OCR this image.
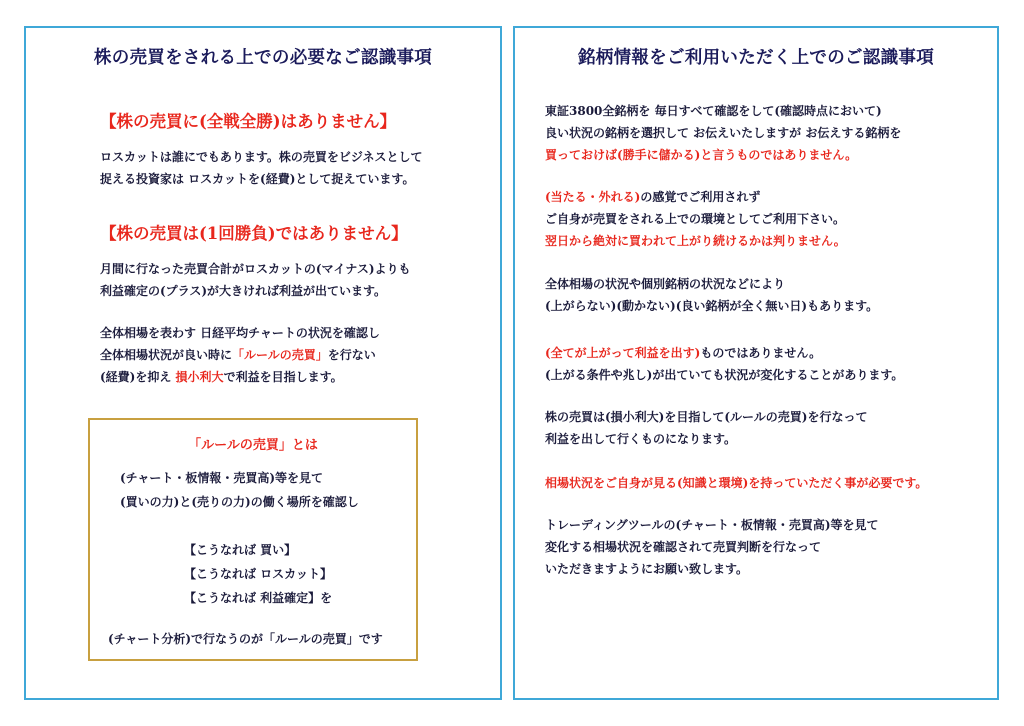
株の売買をされる上での必要なご認識事項
【株の売買に(全戦全勝)はありません】
ロスカットは誰にでもあります。株の売買をビジネスとして
捉える投資家は ロスカットを(経費)として捉えています。
【株の売買は(1回勝負)ではありません】
月間に行なった売買合計がロスカットの(マイナス)よりも
利益確定の(プラス)が大きければ利益が出ています。
全体相場を表わす 日経平均チャートの状況を確認し
全体相場状況が良い時に「ルールの売買」を行ない
(経費)を抑え 損小利大で利益を目指します。
「ルールの売買」とは
(チャート・板情報・売買高)等を見て
(買いの力)と(売りの力)の働く場所を確認し
【こうなれば 買い】
【こうなれば ロスカット】
【こうなれば 利益確定】を
(チャート分析)で行なうのが「ルールの売買」です
銘柄情報をご利用いただく上でのご認識事項
東証3800全銘柄を 毎日すべて確認をして(確認時点において)
良い状況の銘柄を選択して お伝えいたしますが お伝えする銘柄を
買っておけば(勝手に儲かる)と言うものではありません。
(当たる・外れる)の感覚でご利用されず
ご自身が売買をされる上での環境としてご利用下さい。
翌日から絶対に買われて上がり続けるかは判りません。
全体相場の状況や個別銘柄の状況などにより
(上がらない)(動かない)(良い銘柄が全く無い日)もあります。
(全てが上がって利益を出す)ものではありません。
(上がる条件や兆し)が出ていても状況が変化することがあります。
株の売買は(損小利大)を目指して(ルールの売買)を行なって
利益を出して行くものになります。
相場状況をご自身が見る(知識と環境)を持っていただく事が必要です。
トレーディングツールの(チャート・板情報・売買高)等を見て
変化する相場状況を確認されて売買判断を行なって
いただきますようにお願い致します。
